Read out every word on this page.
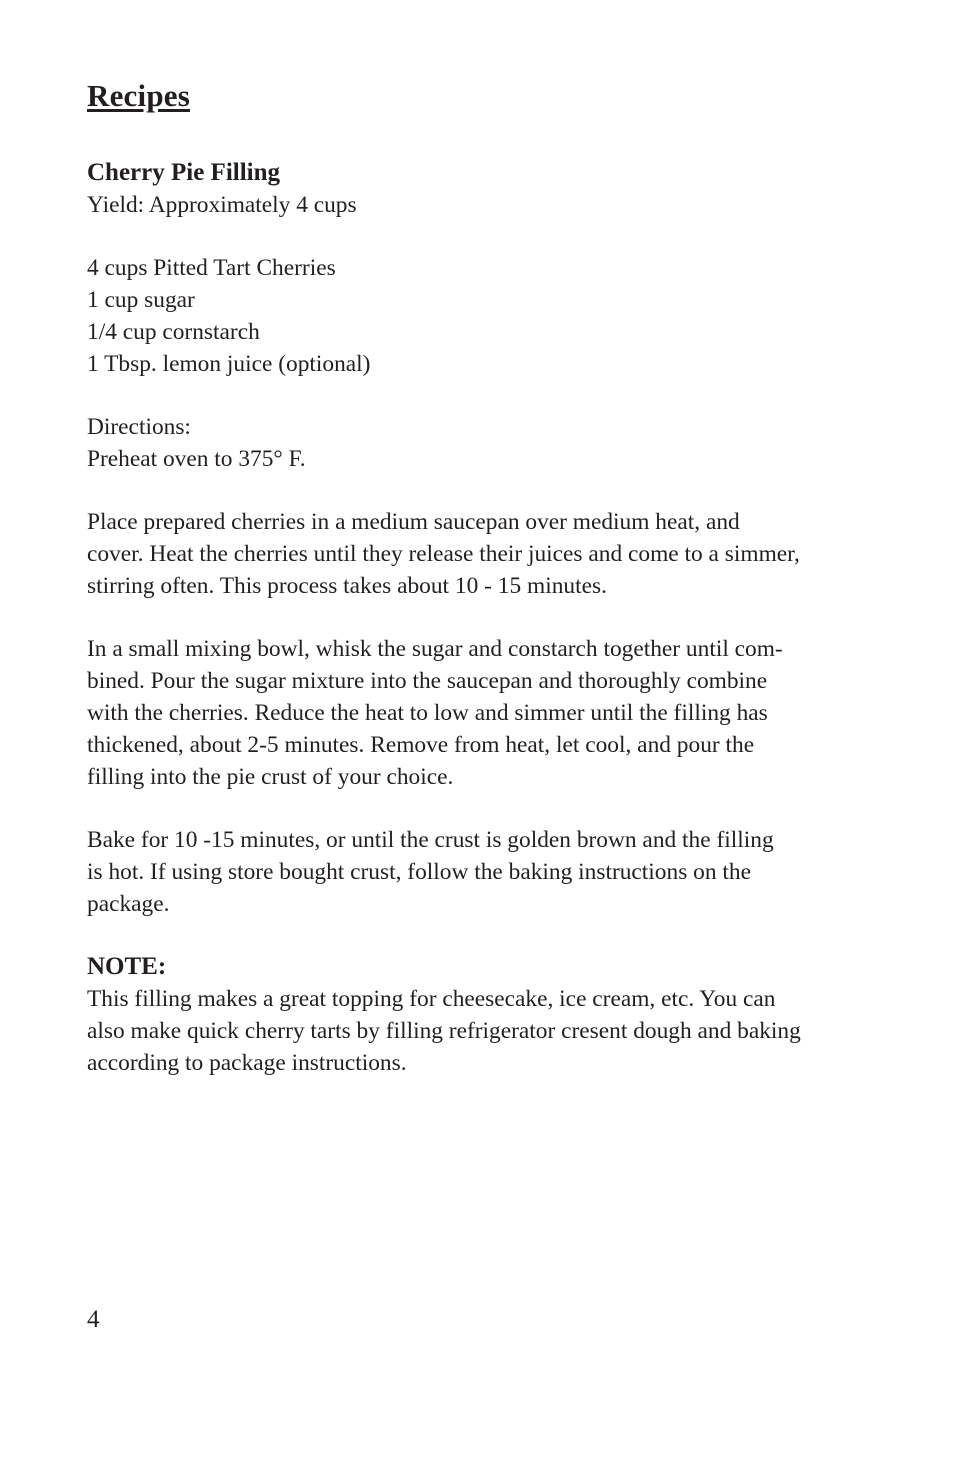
Recipes
Cherry Pie Filling
Yield: Approximately 4 cups
4 cups Pitted Tart Cherries
1 cup sugar
1/4 cup cornstarch
1 Tbsp. lemon juice (optional)
Directions:
Preheat oven to 375° F.
Place prepared cherries in a medium saucepan over medium heat, and
cover. Heat the cherries until they release their juices and come to a simmer,
stirring often. This process takes about 10 - 15 minutes.
In a small mixing bowl, whisk the sugar and constarch together until com-
bined. Pour the sugar mixture into the saucepan and thoroughly combine
with the cherries. Reduce the heat to low and simmer until the filling has
thickened, about 2-5 minutes. Remove from heat, let cool, and pour the
filling into the pie crust of your choice.
Bake for 10 -15 minutes, or until the crust is golden brown and the filling
is hot. If using store bought crust, follow the baking instructions on the
package.
NOTE:
This filling makes a great topping for cheesecake, ice cream, etc. You can
also make quick cherry tarts by filling refrigerator cresent dough and baking
according to package instructions.
4
